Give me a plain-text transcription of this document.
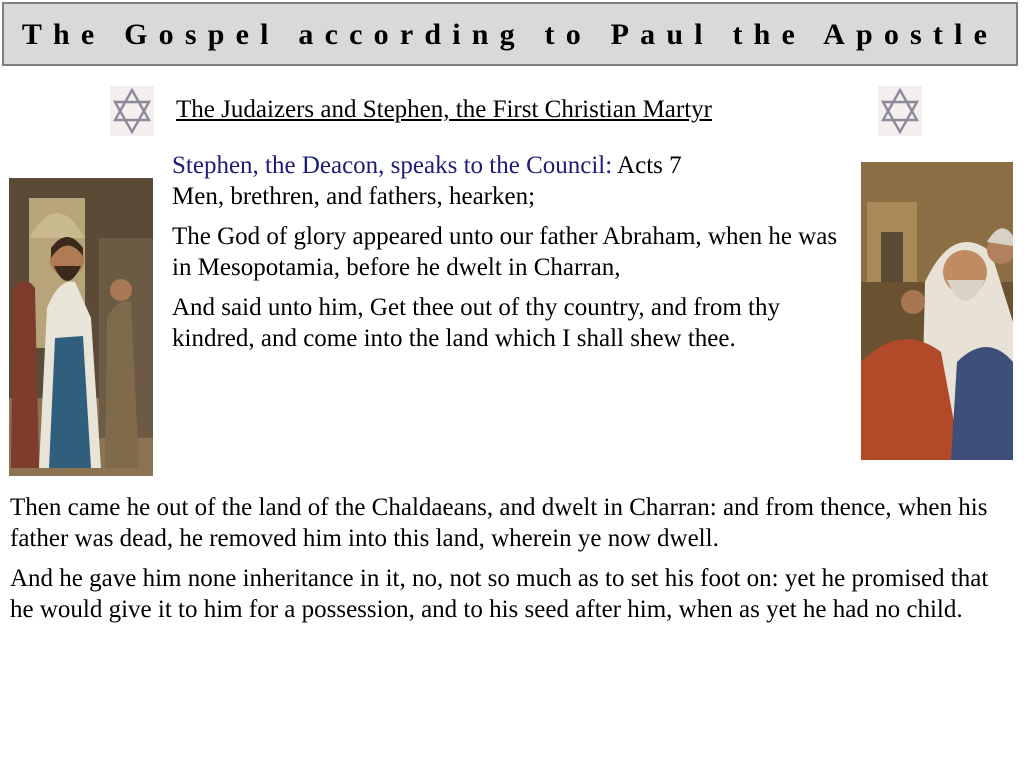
The Gospel according to Paul the Apostle
The Judaizers and Stephen, the First Christian Martyr

Stephen, the Deacon, speaks to the Council: Acts 7
Men, brethren, and fathers, hearken;

The God of glory appeared unto our father Abraham, when he was in Mesopotamia, before he dwelt in Charran,

And said unto him, Get thee out of thy country, and from thy kindred, and come into the land which I shall shew thee.

Then came he out of the land of the Chaldaeans, and dwelt in Charran: and from thence, when his father was dead, he removed him into this land, wherein ye now dwell.

And he gave him none inheritance in it, no, not so much as to set his foot on: yet he promised that he would give it to him for a possession, and to his seed after him, when as yet he had no child.
